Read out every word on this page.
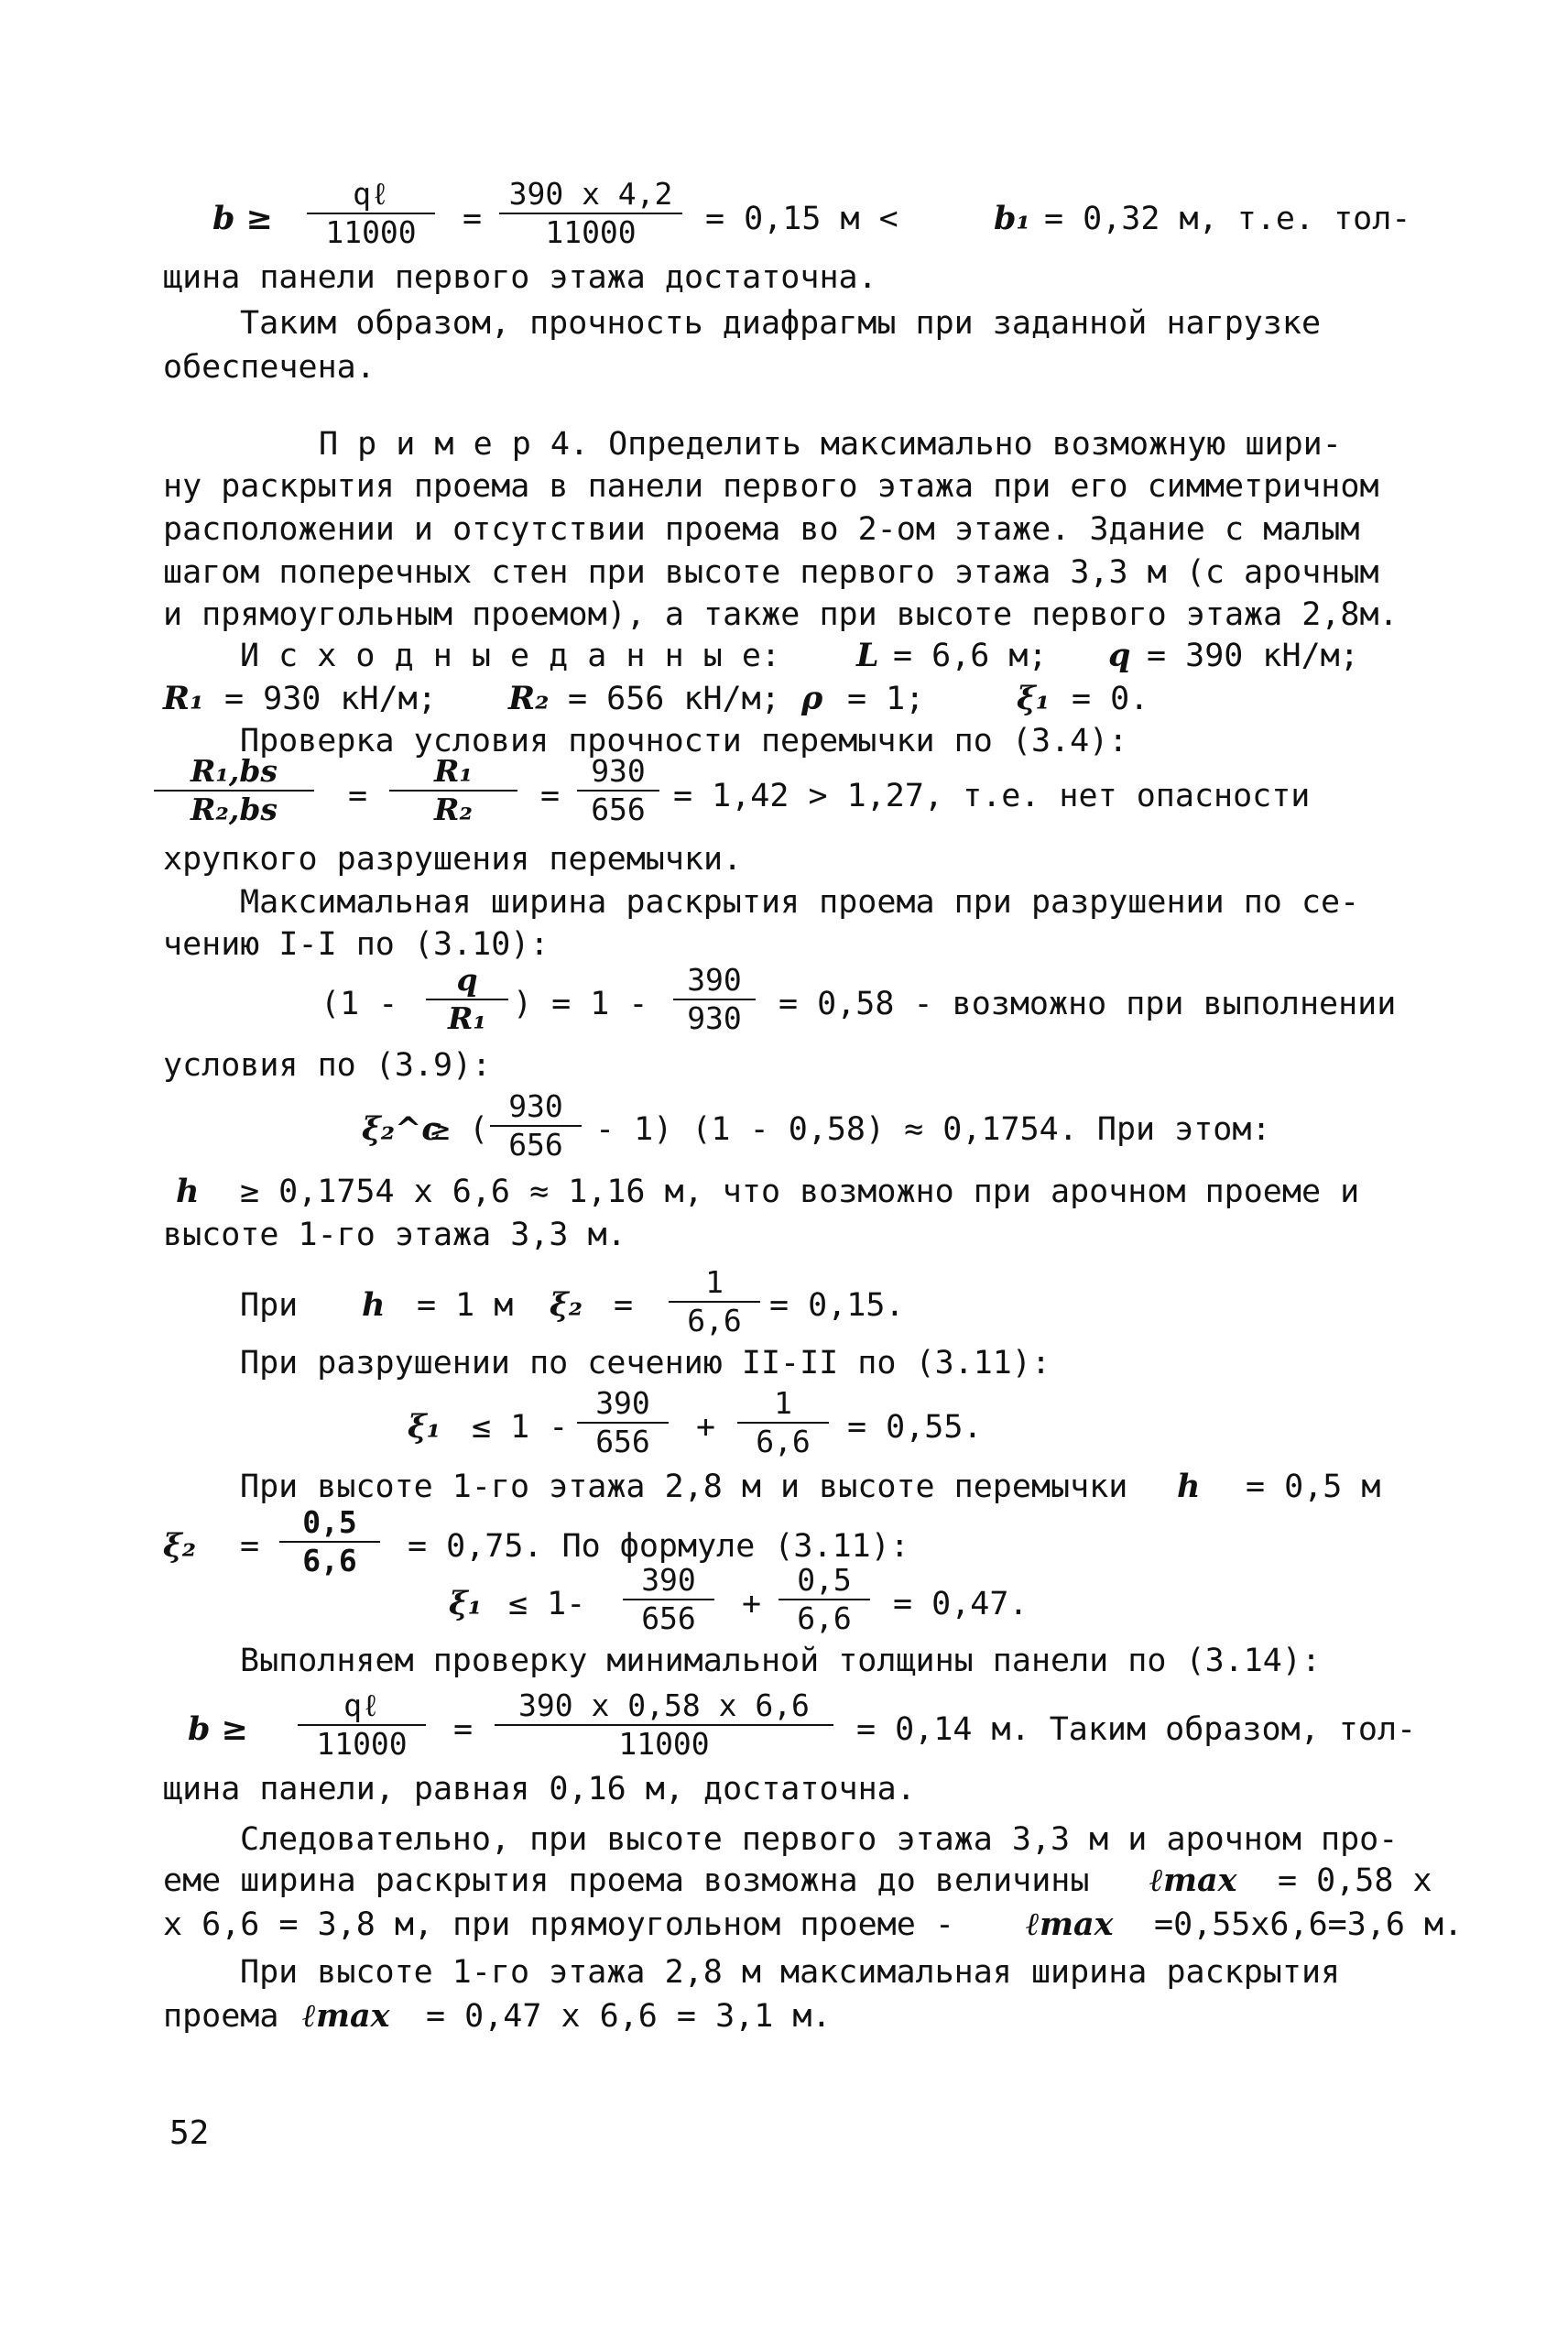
b ≥
qℓ
11000	=
390 х 4,2
11000	= 0,15 м <	b₁ = 0,32 м, т.е. тол-
щина панели первого этажа достаточна.
Таким образом, прочность диафрагмы при заданной нагрузке
обеспечена.
П р и м е р 4. Определить максимально возможную шири-
ну раскрытия проема в панели первого этажа при его симметричном
расположении и отсутствии проема во 2-ом этаже. Здание с малым
шагом поперечных стен при высоте первого этажа 3,3 м (с арочным
и прямоугольным проемом), а также при высоте первого этажа 2,8м.
И с х о д н ы е д а н н ы е: L = 6,6 м; q = 390 кН/м;
R₁ = 930 кН/м; R₂ = 656 кН/м; ρ = 1;	ξ₁ = 0.
Проверка условия прочности перемычки по (3.4):
$\frac{\text{R₁,bs}}{\text{R₂,bs}} = \frac{\text{R₁}}{\text{R₂}} = \frac{930}{656} = 1,42 > 1,27$, т.е. нет опасности
хрупкого разрушения перемычки.
Максимальная ширина раскрытия проема при разрушении по се-
чению I-I по (3.10):
($1 - \frac{q}{\text{R₁}}$ ) = $1 - \frac{390}{930} = 0,58$ - возможно при выполнении
условия по (3.9):
ξ₂^c
≥ ( $\frac{930}{656} - 1$) (1 - 0,58) ≈ 0,1754. При этом:
h ≥ 0,1754 х 6,6 ≈ 1,16 м, что возможно при арочном проеме и
высоте 1-го этажа 3,3 м.
При h = 1 м $\xi_2 = \frac{1}{6,6} = 0,15$.
При разрушении по сечению II-II по (3.11):
$\xi_1 \le 1 - \frac{390}{656} + \frac{1}{6,6} = 0,55$.
При высоте 1-го этажа 2,8 м и высоте перемычки h = 0,5 м
$\xi_2 = \frac{0,5}{6,6} = 0,75$. По формуле (3.11):
$\xi_1 \le 1- \frac{390}{656} + \frac{0,5}{6,6} = 0,47$.
Выполняем проверку минимальной толщины панели по (3.14):
b ≥
qℓ
11000	=
390 х 0,58 х 6,6
11000	= 0,14 м. Таким образом, тол-
щина панели, равная 0,16 м, достаточна.
Следовательно, при высоте первого этажа 3,3 м и арочном про-
еме ширина раскрытия проема возможна до величины ℓmax = 0,58 х
х 6,6 = 3,8 м, при прямоугольном проеме - ℓmax =0,55х6,6=3,6 м.
При высоте 1-го этажа 2,8 м максимальная ширина раскрытия
проема ℓmax = 0,47 х 6,6 = 3,1 м.
52
